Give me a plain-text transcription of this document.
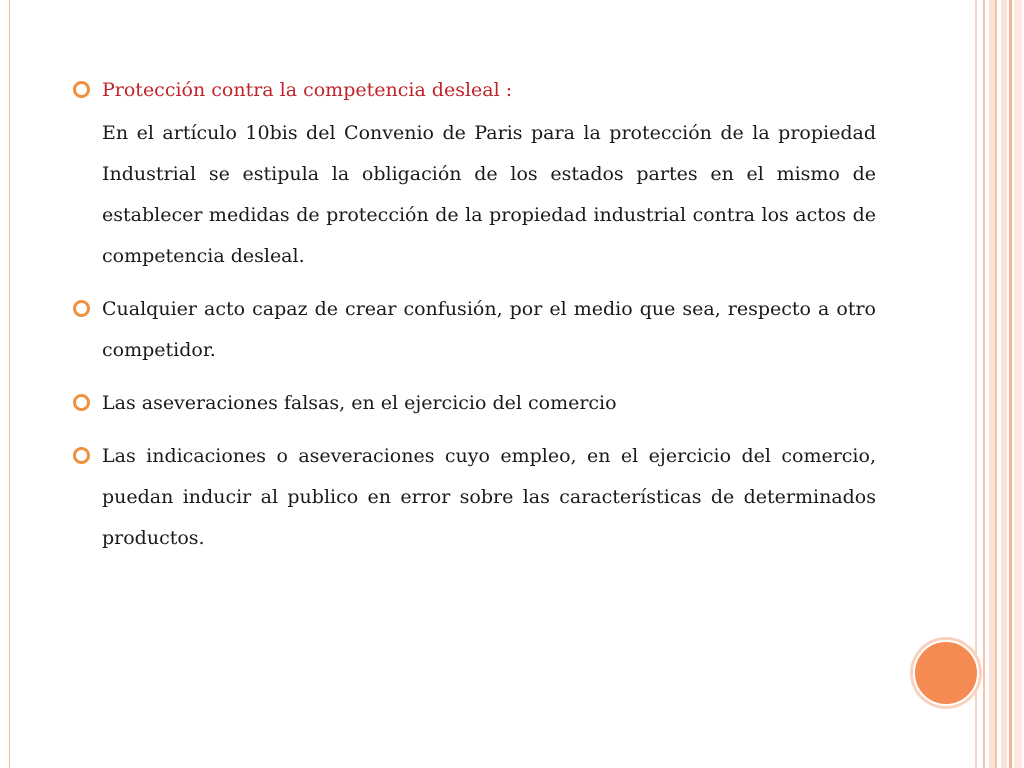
Protección contra la competencia desleal :
En el artículo 10bis del Convenio de Paris para la protección de la propiedad Industrial se estipula la obligación de los estados partes en el mismo de establecer medidas de protección de la propiedad industrial contra los actos de competencia desleal.
Cualquier acto capaz de crear confusión, por el medio que sea, respecto a otro competidor.
Las aseveraciones falsas, en el ejercicio del comercio
Las indicaciones o aseveraciones cuyo empleo, en el ejercicio del comercio, puedan inducir al publico en error sobre las características de determinados productos.
